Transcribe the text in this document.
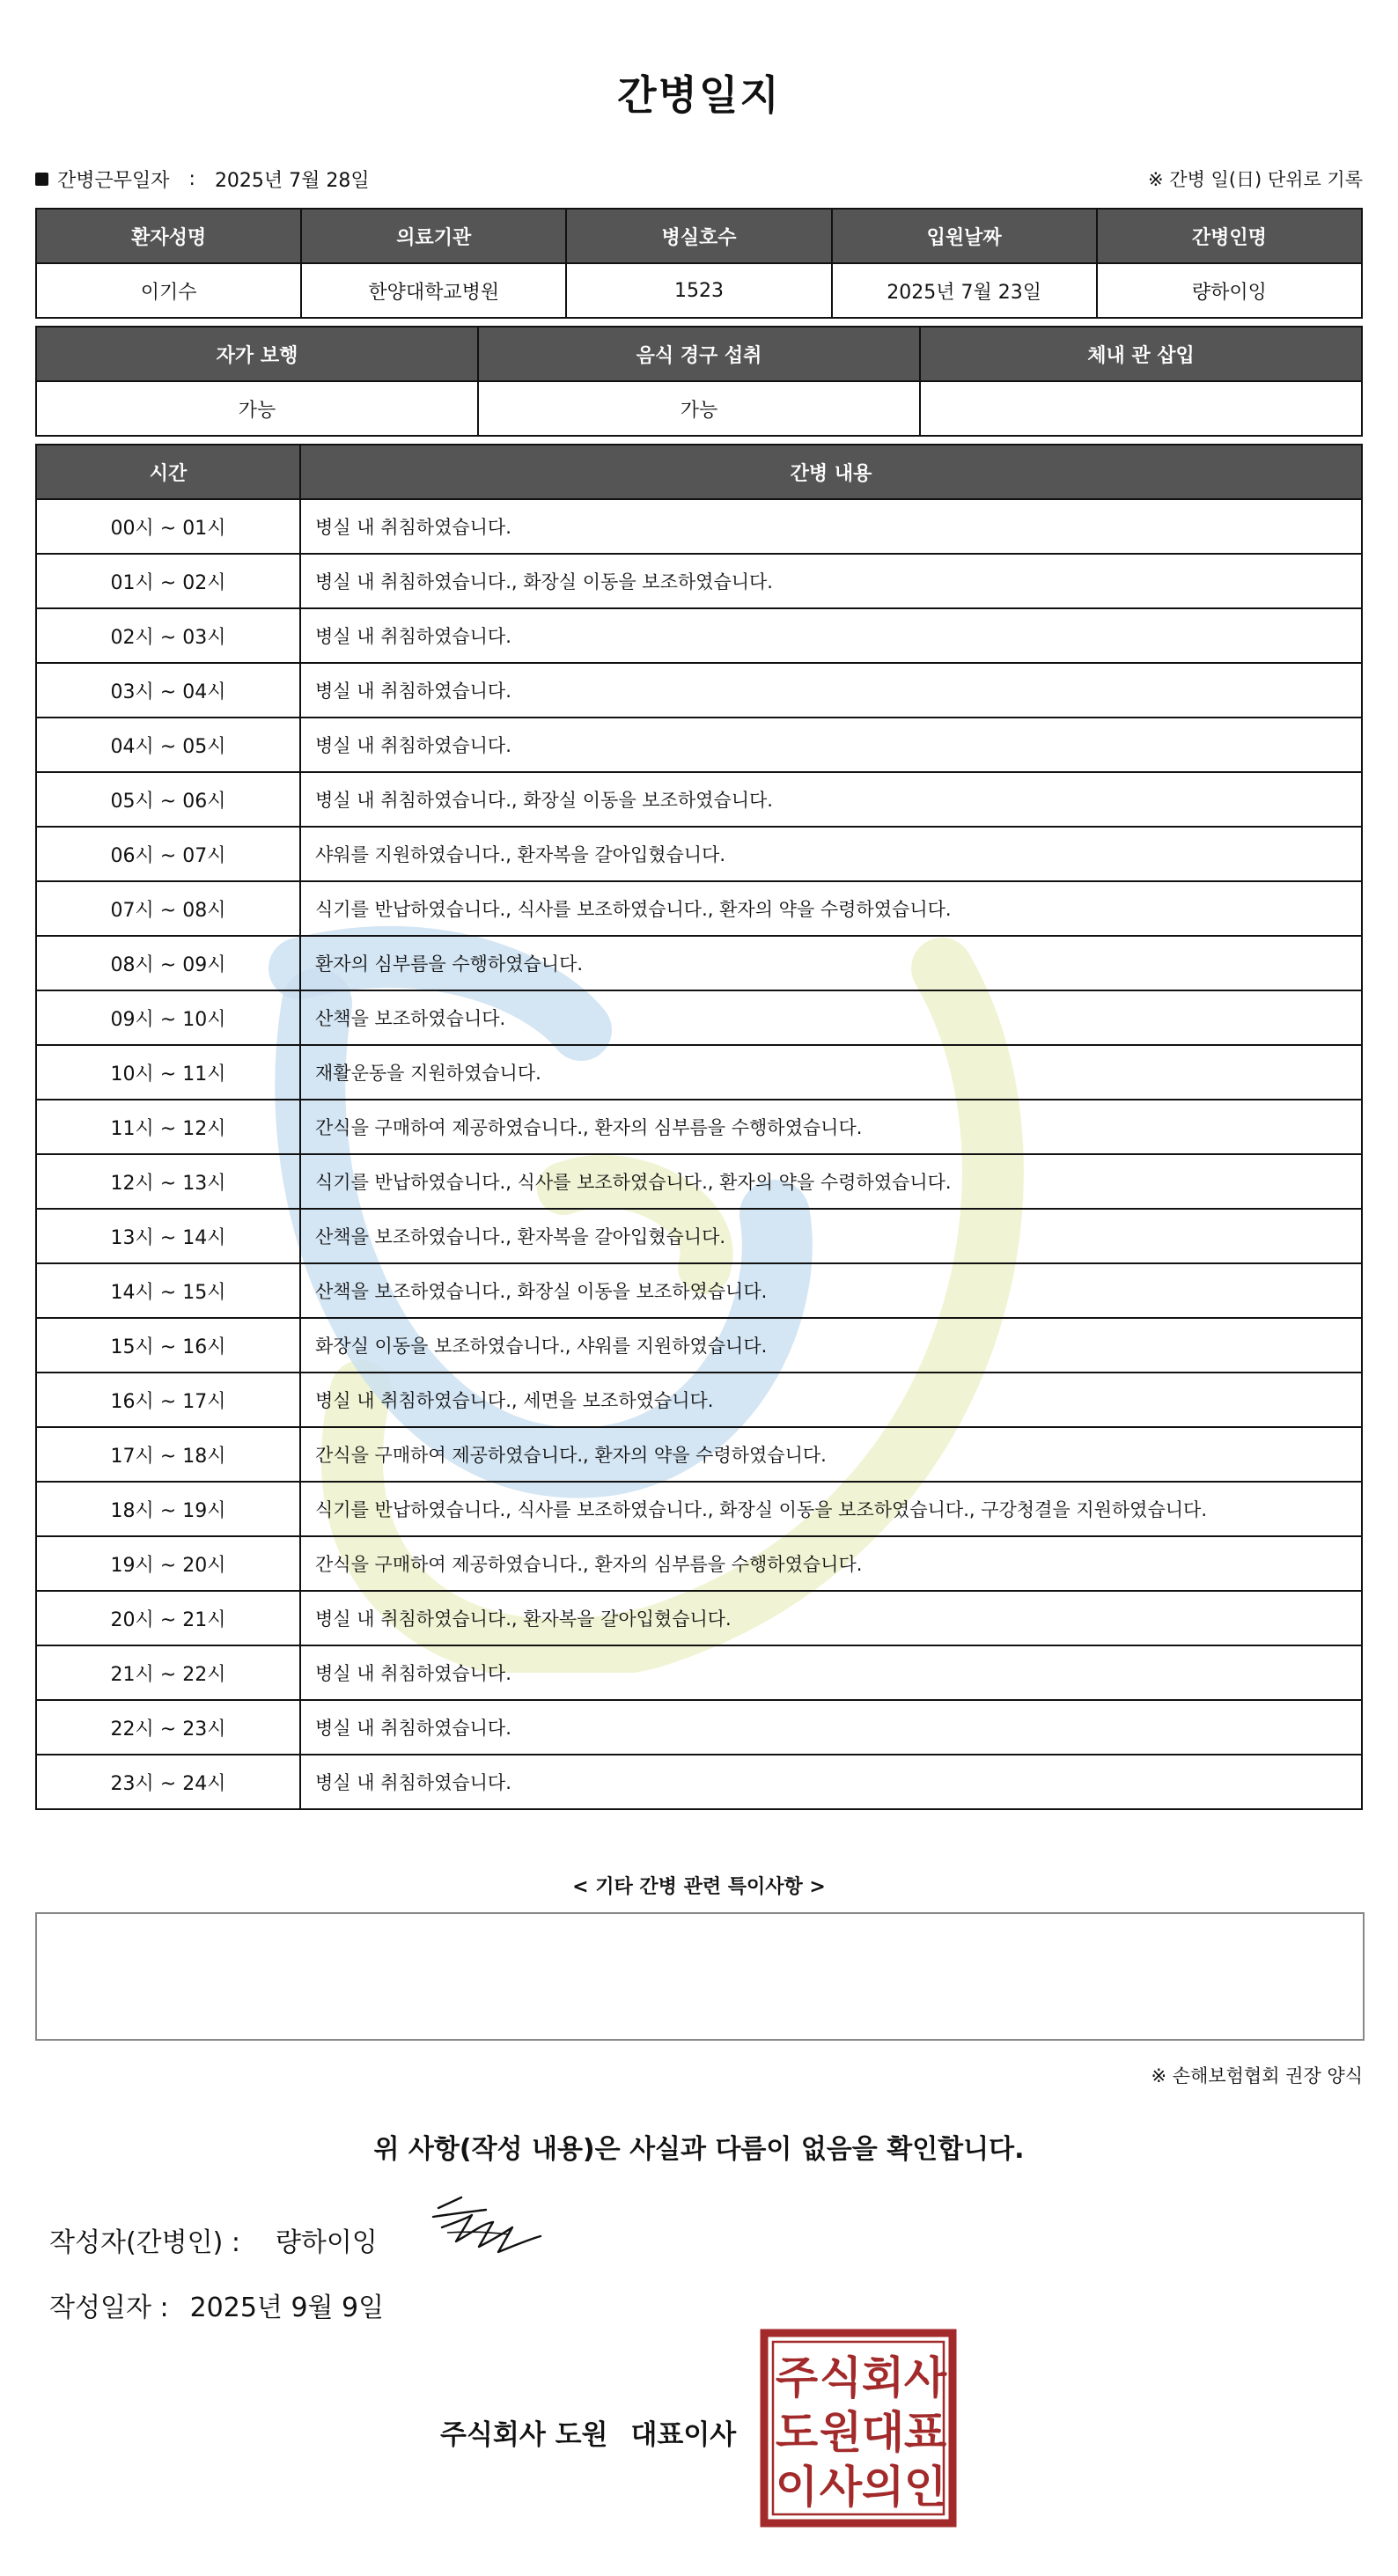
간병일지
간병근무일자 : 2025년 7월 28일	※ 간병 일(日) 단위로 기록
환자성명	의료기관	병실호수	입원날짜	간병인명
이기수	한양대학교병원	1523	2025년 7월 23일	량하이잉
자가 보행	음식 경구 섭취	체내 관 삽입
가능	가능	
시간	간병 내용
00시 ~ 01시	병실 내 취침하였습니다.
01시 ~ 02시	병실 내 취침하였습니다., 화장실 이동을 보조하였습니다.
02시 ~ 03시	병실 내 취침하였습니다.
03시 ~ 04시	병실 내 취침하였습니다.
04시 ~ 05시	병실 내 취침하였습니다.
05시 ~ 06시	병실 내 취침하였습니다., 화장실 이동을 보조하였습니다.
06시 ~ 07시	샤워를 지원하였습니다., 환자복을 갈아입혔습니다.
07시 ~ 08시	식기를 반납하였습니다., 식사를 보조하였습니다., 환자의 약을 수령하였습니다.
08시 ~ 09시	환자의 심부름을 수행하였습니다.
09시 ~ 10시	산책을 보조하였습니다.
10시 ~ 11시	재활운동을 지원하였습니다.
11시 ~ 12시	간식을 구매하여 제공하였습니다., 환자의 심부름을 수행하였습니다.
12시 ~ 13시	식기를 반납하였습니다., 식사를 보조하였습니다., 환자의 약을 수령하였습니다.
13시 ~ 14시	산책을 보조하였습니다., 환자복을 갈아입혔습니다.
14시 ~ 15시	산책을 보조하였습니다., 화장실 이동을 보조하였습니다.
15시 ~ 16시	화장실 이동을 보조하였습니다., 샤워를 지원하였습니다.
16시 ~ 17시	병실 내 취침하였습니다., 세면을 보조하였습니다.
17시 ~ 18시	간식을 구매하여 제공하였습니다., 환자의 약을 수령하였습니다.
18시 ~ 19시	식기를 반납하였습니다., 식사를 보조하였습니다., 화장실 이동을 보조하였습니다., 구강청결을 지원하였습니다.
19시 ~ 20시	간식을 구매하여 제공하였습니다., 환자의 심부름을 수행하였습니다.
20시 ~ 21시	병실 내 취침하였습니다., 환자복을 갈아입혔습니다.
21시 ~ 22시	병실 내 취침하였습니다.
22시 ~ 23시	병실 내 취침하였습니다.
23시 ~ 24시	병실 내 취침하였습니다.
< 기타 간병 관련 특이사항 >
※ 손해보험협회 권장 양식
위 사항(작성 내용)은 사실과 다름이 없음을 확인합니다.
작성자(간병인) : 량하이잉
작성일자 : 2025년 9월 9일
주식회사 도원 대표이사
주 식 회 사
도 원 대 표
이 사 의 인
